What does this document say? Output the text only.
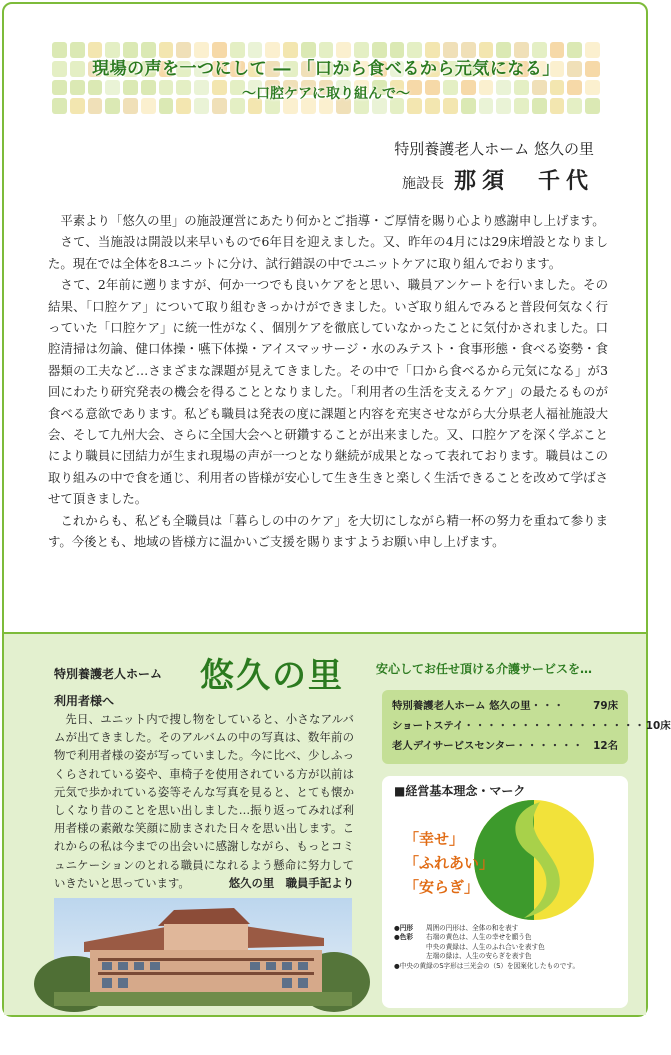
現場の声を一つにして ― 「口から食べるから元気になる」
～口腔ケアに取り組んで～
特別養護老人ホーム 悠久の里
施設長 那須　千代

平素より「悠久の里」の施設運営にあたり何かとご指導・ご厚情を賜り心より感謝申し上げます。

さて、当施設は開設以来早いもので6年目を迎えました。又、昨年の4月には29床増設となりました。現在では全体を8ユニットに分け、試行錯誤の中でユニットケアに取り組んでおります。

さて、2年前に遡りますが、何か一つでも良いケアをと思い、職員アンケートを行いました。その結果、「口腔ケア」について取り組むきっかけができました。いざ取り組んでみると普段何気なく行っていた「口腔ケア」に統一性がなく、個別ケアを徹底していなかったことに気付かされました。口腔清掃は勿論、健口体操・嚥下体操・アイスマッサージ・水のみテスト・食事形態・食べる姿勢・食器類の工夫など…さまざまな課題が見えてきました。その中で「口から食べるから元気になる」が3回にわたり研究発表の機会を得ることとなりました。「利用者の生活を支えるケア」の最たるものが食べる意欲であります。私ども職員は発表の度に課題と内容を充実させながら大分県老人福祉施設大会、そして九州大会、さらに全国大会へと研鑽することが出来ました。又、口腔ケアを深く学ぶことにより職員に団結力が生まれ現場の声が一つとなり継続が成果となって表れております。職員はこの取り組みの中で食を通じ、利用者の皆様が安心して生き生きと楽しく生活できることを改めて学ばさせて頂きました。

これからも、私ども全職員は「暮らしの中のケア」を大切にしながら精一杯の努力を重ねて参ります。今後とも、地域の皆様方に温かいご支援を賜りますようお願い申し上げます。

特別養護老人ホーム 悠久の里
利用者様へ
先日、ユニット内で捜し物をしていると、小さなアルバムが出てきました。そのアルバムの中の写真は、数年前の物で利用者様の姿が写っていました。今に比べ、少しふっくらされている姿や、車椅子を使用されている方が以前は元気で歩かれている姿等そんな写真を見ると、とても懐かしくなり昔のことを思い出しました…振り返ってみれば利用者様の素敵な笑顔に励まされた日々を思い出します。これからの私は今までの出会いに感謝しながら、もっとコミュニケーションのとれる職員になれるよう懸命に努力していきたいと思っています。	悠久の里　職員手記より
安心してお任せ頂ける介護サービスを…
特別養護老人ホーム 悠久の里 ・・・	79床
ショートステイ ・・・・・・・・・・・・・・・・ 10床
老人デイサービスセンター ・・・・・・ 12名
■経営基本理念・マーク
「幸せ」
「ふれあい」
「安らぎ」
●円形	周囲の円形は、全体の和を表す
●色彩	右端の黄色は、人生の幸せを願う色
中央の黄緑は、人生のふれ合いを表す色
左端の緑は、人生の安らぎを表す色
●中央の黄緑のS字形は三光会の（S）を図案化したものです。
